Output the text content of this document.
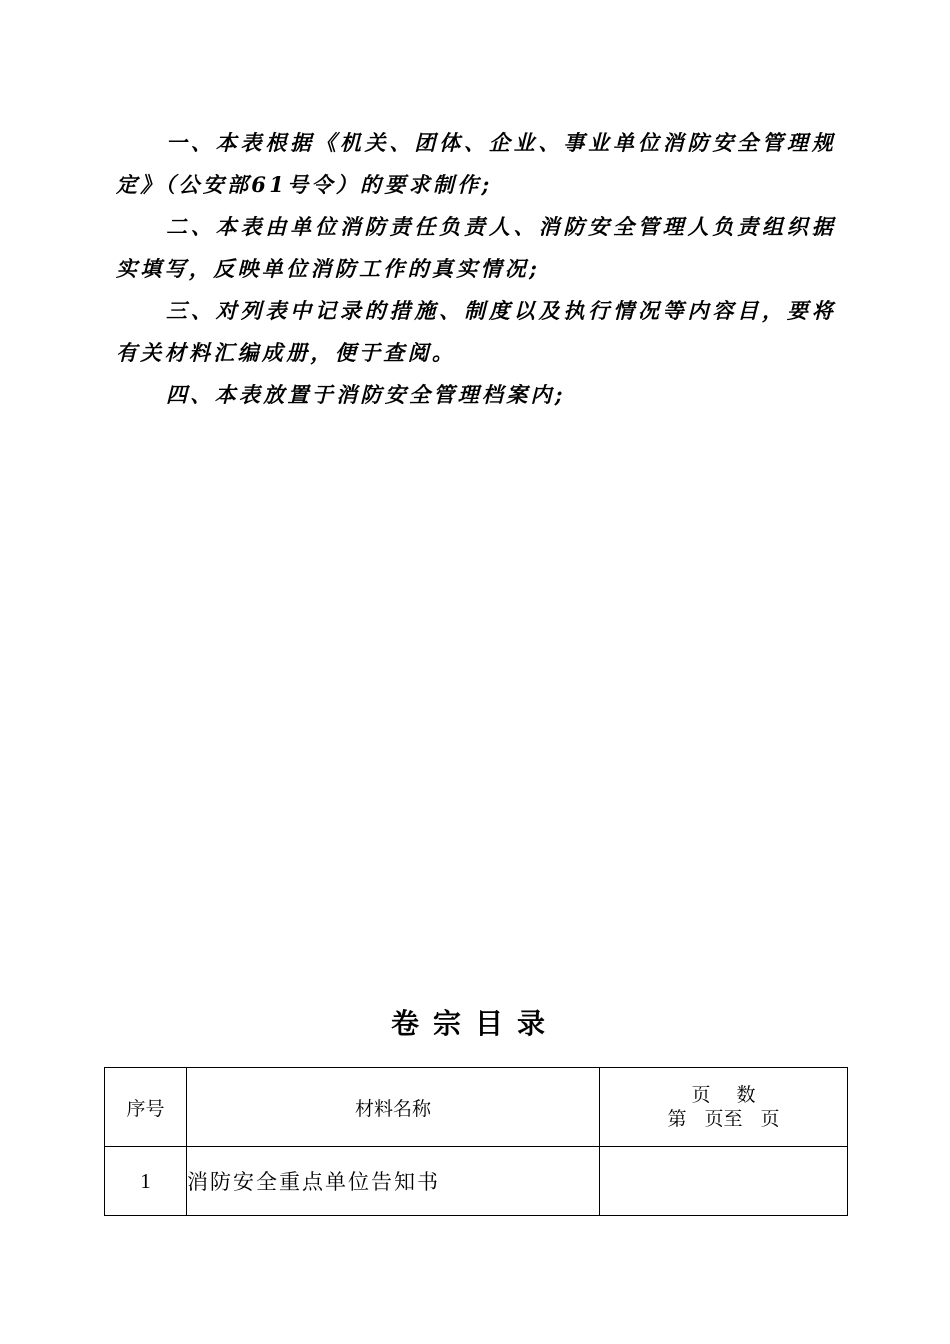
一、本表根据《机关、团体、企业、事业单位消防安全管理规定》（公安部61号令）的要求制作;

二、本表由单位消防责任负责人、消防安全管理人负责组织据实填写，反映单位消防工作的真实情况;

三、对列表中记录的措施、制度以及执行情况等内容目，要将有关材料汇编成册，便于查阅。

四、本表放置于消防安全管理档案内;

卷宗目录
序号	材料名称	页数
第 页至 页

1	消防安全重点单位告知书	
